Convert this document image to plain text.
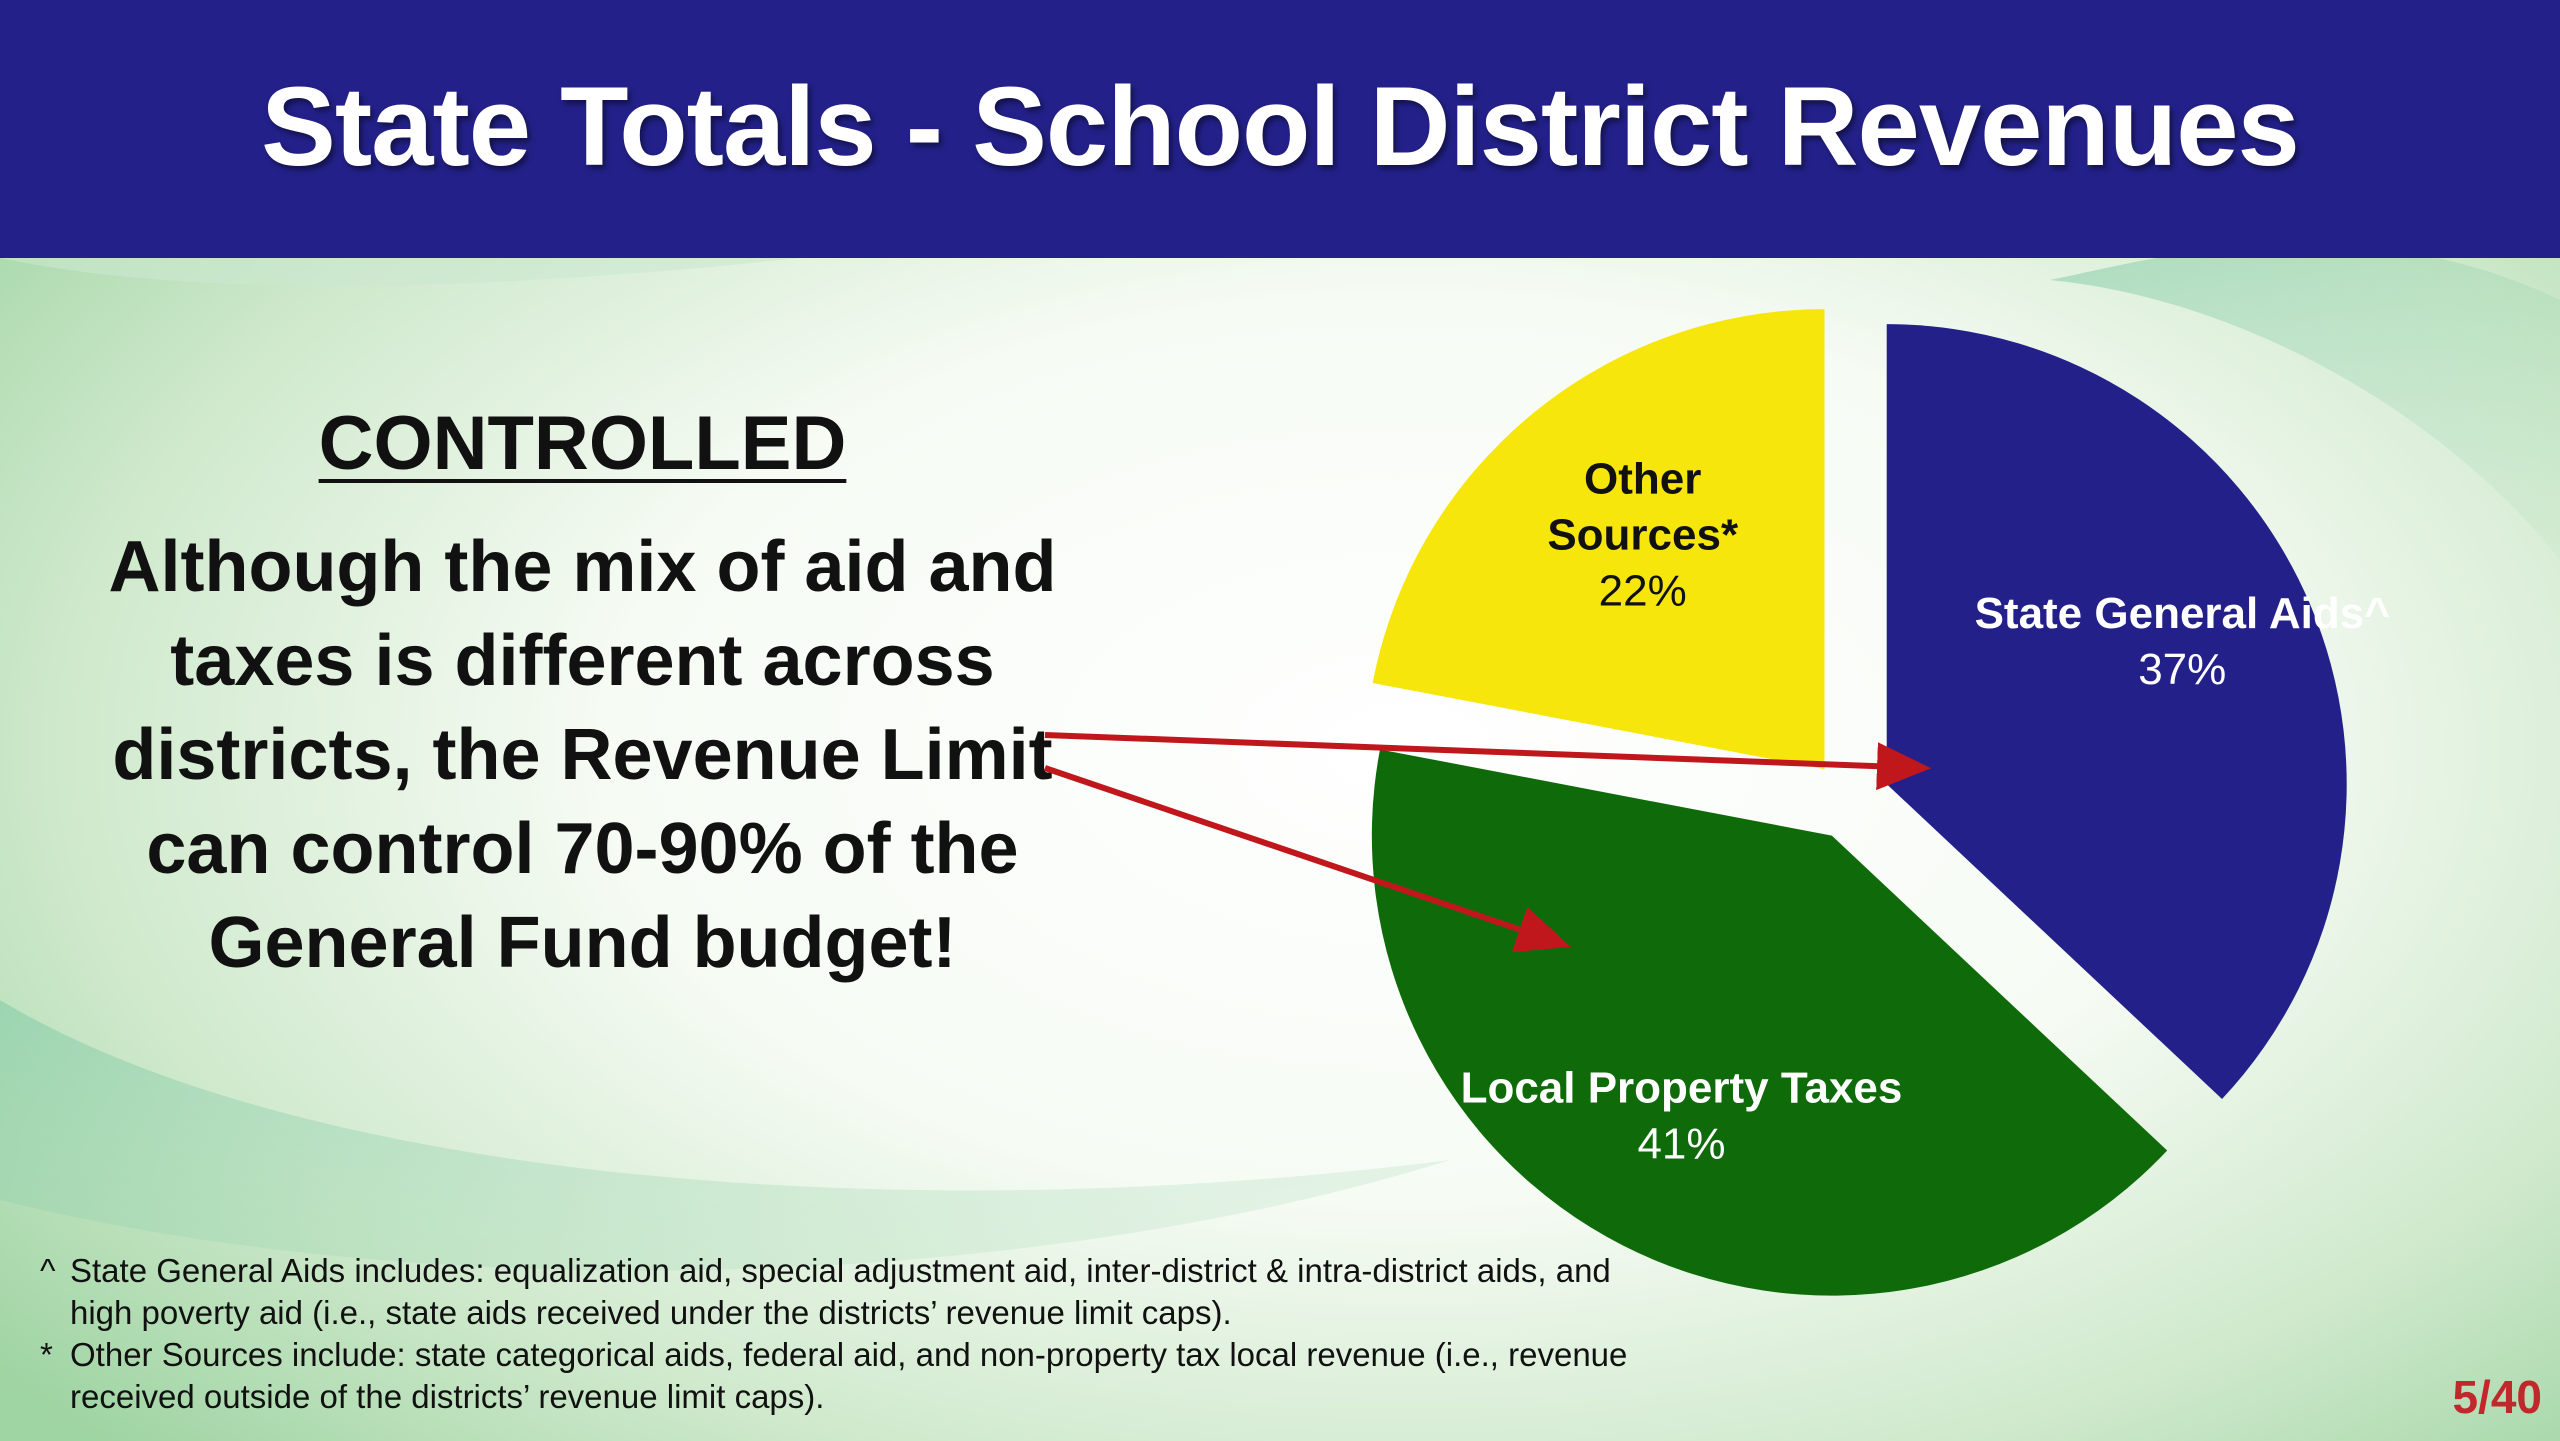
State Totals - School District Revenues
CONTROLLED
Although the mix of aid and taxes is different across districts, the Revenue Limit can control 70-90% of the General Fund budget!
State General Aids^ 37%
Local Property Taxes 41%
Other Sources* 22%
^ State General Aids includes: equalization aid, special adjustment aid, inter-district & intra-district aids, and high poverty aid (i.e., state aids received under the districts’ revenue limit caps).
* Other Sources include: state categorical aids, federal aid, and non-property tax local revenue (i.e., revenue received outside of the districts’ revenue limit caps).	5/40
